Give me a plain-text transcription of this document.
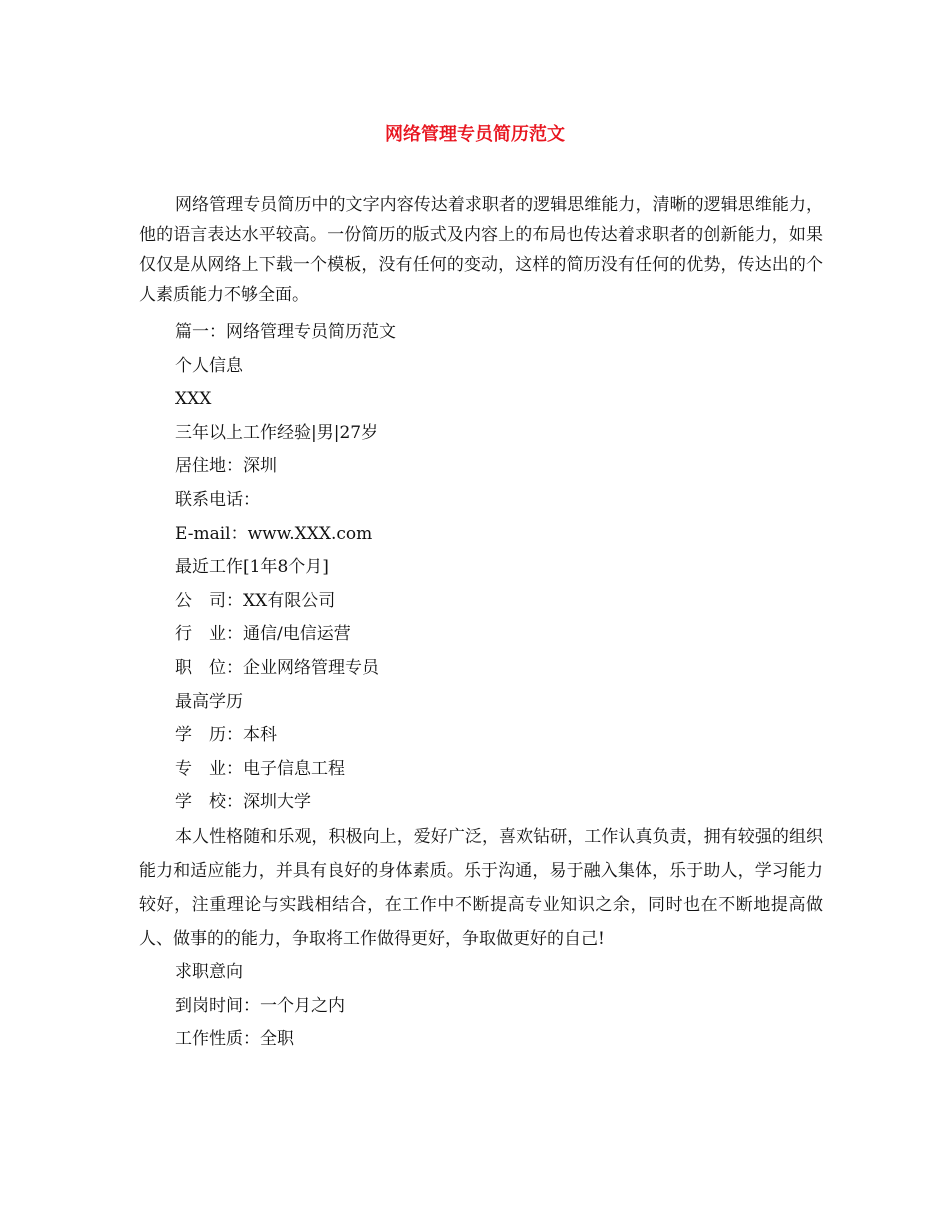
网络管理专员简历范文

网络管理专员简历中的文字内容传达着求职者的逻辑思维能力，清晰的逻辑思维能力，他的语言表达水平较高。一份简历的版式及内容上的布局也传达着求职者的创新能力，如果仅仅是从网络上下载一个模板，没有任何的变动，这样的简历没有任何的优势，传达出的个人素质能力不够全面。

篇一：网络管理专员简历范文

个人信息

XXX

三年以上工作经验|男|27岁

居住地：深圳

联系电话：

E-mail：www.XXX.com

最近工作[1年8个月]

公　司：XX有限公司

行　业：通信/电信运营

职　位：企业网络管理专员

最高学历

学　历：本科

专　业：电子信息工程

学　校：深圳大学

本人性格随和乐观，积极向上，爱好广泛，喜欢钻研，工作认真负责，拥有较强的组织能力和适应能力，并具有良好的身体素质。乐于沟通，易于融入集体，乐于助人，学习能力较好，注重理论与实践相结合，在工作中不断提高专业知识之余，同时也在不断地提高做人、做事的的能力，争取将工作做得更好，争取做更好的自己!

求职意向

到岗时间：一个月之内

工作性质：全职
